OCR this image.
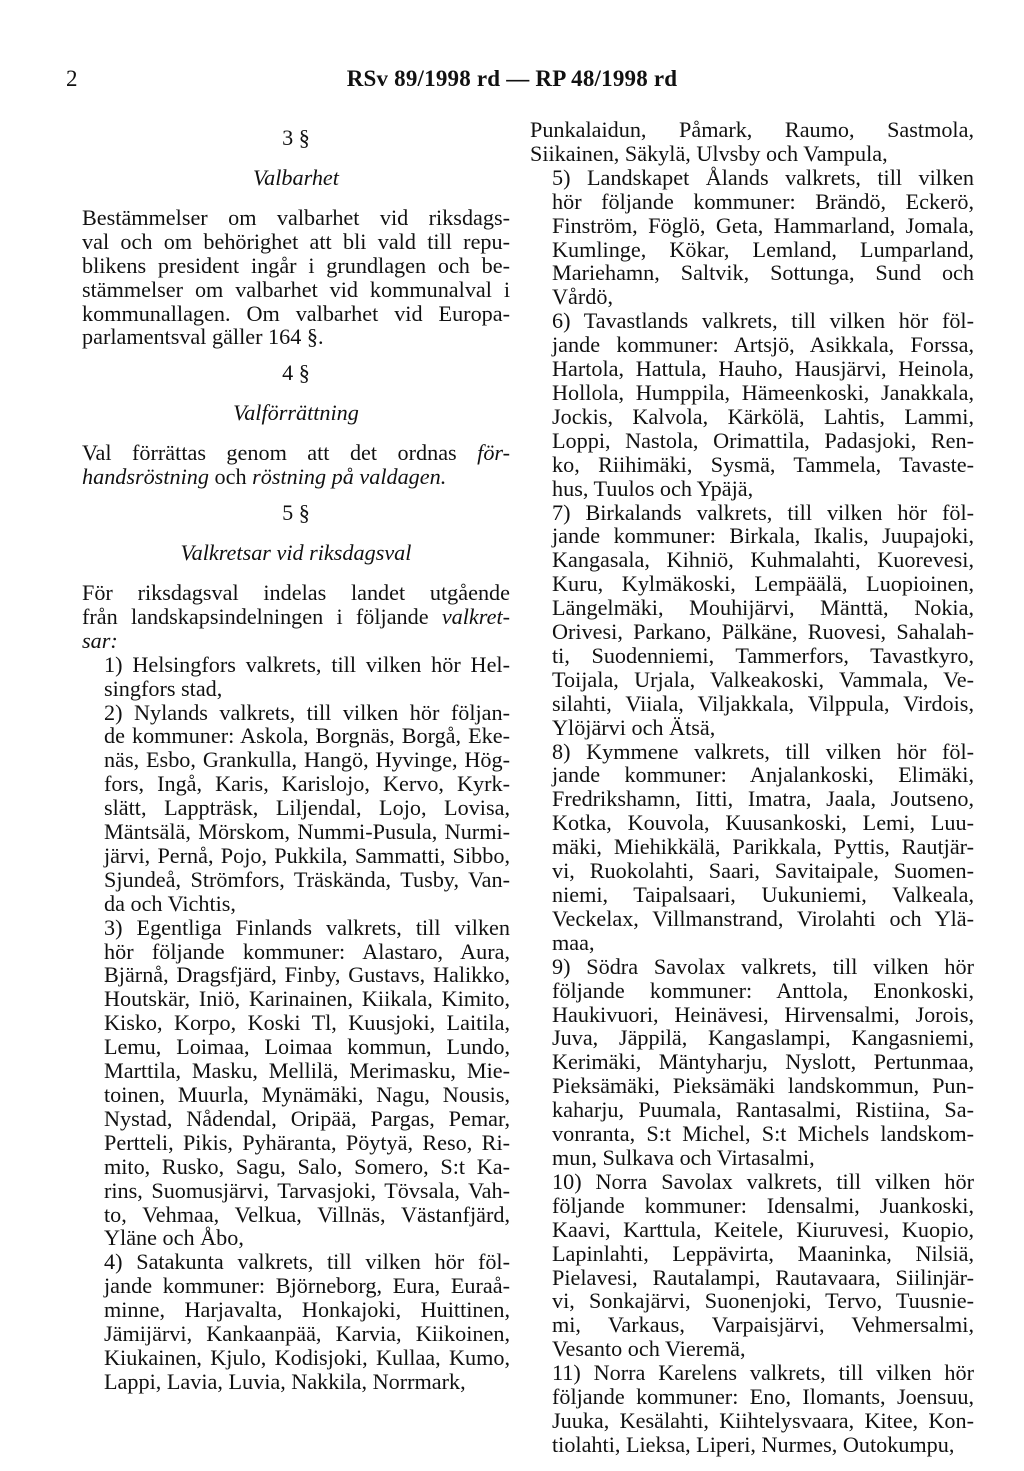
2	RSv 89/1998 rd — RP 48/1998 rd
3 §
Valbarhet
Bestämmelser om valbarhet vid riksdags-
val och om behörighet att bli vald till repu-
blikens president ingår i grundlagen och be-
stämmelser om valbarhet vid kommunalval i
kommunallagen. Om valbarhet vid Europa-
parlamentsval gäller 164 §.
4 §
Valförrättning
Val förrättas genom att det ordnas för-
handsröstning och röstning på valdagen.
5 §
Valkretsar vid riksdagsval
För riksdagsval indelas landet utgående
från landskapsindelningen i följande valkret-
sar:
1) Helsingfors valkrets, till vilken hör Hel-
singfors stad,
2) Nylands valkrets, till vilken hör följan-
de kommuner: Askola, Borgnäs, Borgå, Eke-
näs, Esbo, Grankulla, Hangö, Hyvinge, Hög-
fors, Ingå, Karis, Karislojo, Kervo, Kyrk-
slätt, Lappträsk, Liljendal, Lojo, Lovisa,
Mäntsälä, Mörskom, Nummi-Pusula, Nurmi-
järvi, Pernå, Pojo, Pukkila, Sammatti, Sibbo,
Sjundeå, Strömfors, Träskända, Tusby, Van-
da och Vichtis,
3) Egentliga Finlands valkrets, till vilken
hör följande kommuner: Alastaro, Aura,
Bjärnå, Dragsfjärd, Finby, Gustavs, Halikko,
Houtskär, Iniö, Karinainen, Kiikala, Kimito,
Kisko, Korpo, Koski Tl, Kuusjoki, Laitila,
Lemu, Loimaa, Loimaa kommun, Lundo,
Marttila, Masku, Mellilä, Merimasku, Mie-
toinen, Muurla, Mynämäki, Nagu, Nousis,
Nystad, Nådendal, Oripää, Pargas, Pemar,
Pertteli, Pikis, Pyhäranta, Pöytyä, Reso, Ri-
mito, Rusko, Sagu, Salo, Somero, S:t Ka-
rins, Suomusjärvi, Tarvasjoki, Tövsala, Vah-
to, Vehmaa, Velkua, Villnäs, Västanfjärd,
Yläne och Åbo,
4) Satakunta valkrets, till vilken hör föl-
jande kommuner: Björneborg, Eura, Euraå-
minne, Harjavalta, Honkajoki, Huittinen,
Jämijärvi, Kankaanpää, Karvia, Kiikoinen,
Kiukainen, Kjulo, Kodisjoki, Kullaa, Kumo,
Lappi, Lavia, Luvia, Nakkila, Norrmark,
Punkalaidun, Påmark, Raumo, Sastmola,
Siikainen, Säkylä, Ulvsby och Vampula,
5) Landskapet Ålands valkrets, till vilken
hör följande kommuner: Brändö, Eckerö,
Finström, Föglö, Geta, Hammarland, Jomala,
Kumlinge, Kökar, Lemland, Lumparland,
Mariehamn, Saltvik, Sottunga, Sund och
Vårdö,
6) Tavastlands valkrets, till vilken hör föl-
jande kommuner: Artsjö, Asikkala, Forssa,
Hartola, Hattula, Hauho, Hausjärvi, Heinola,
Hollola, Humppila, Hämeenkoski, Janakkala,
Jockis, Kalvola, Kärkölä, Lahtis, Lammi,
Loppi, Nastola, Orimattila, Padasjoki, Ren-
ko, Riihimäki, Sysmä, Tammela, Tavaste-
hus, Tuulos och Ypäjä,
7) Birkalands valkrets, till vilken hör föl-
jande kommuner: Birkala, Ikalis, Juupajoki,
Kangasala, Kihniö, Kuhmalahti, Kuorevesi,
Kuru, Kylmäkoski, Lempäälä, Luopioinen,
Längelmäki, Mouhijärvi, Mänttä, Nokia,
Orivesi, Parkano, Pälkäne, Ruovesi, Sahalah-
ti, Suodenniemi, Tammerfors, Tavastkyro,
Toijala, Urjala, Valkeakoski, Vammala, Ve-
silahti, Viiala, Viljakkala, Vilppula, Virdois,
Ylöjärvi och Ätsä,
8) Kymmene valkrets, till vilken hör föl-
jande kommuner: Anjalankoski, Elimäki,
Fredrikshamn, Iitti, Imatra, Jaala, Joutseno,
Kotka, Kouvola, Kuusankoski, Lemi, Luu-
mäki, Miehikkälä, Parikkala, Pyttis, Rautjär-
vi, Ruokolahti, Saari, Savitaipale, Suomen-
niemi, Taipalsaari, Uukuniemi, Valkeala,
Veckelax, Villmanstrand, Virolahti och Ylä-
maa,
9) Södra Savolax valkrets, till vilken hör
följande kommuner: Anttola, Enonkoski,
Haukivuori, Heinävesi, Hirvensalmi, Jorois,
Juva, Jäppilä, Kangaslampi, Kangasniemi,
Kerimäki, Mäntyharju, Nyslott, Pertunmaa,
Pieksämäki, Pieksämäki landskommun, Pun-
kaharju, Puumala, Rantasalmi, Ristiina, Sa-
vonranta, S:t Michel, S:t Michels landskom-
mun, Sulkava och Virtasalmi,
10) Norra Savolax valkrets, till vilken hör
följande kommuner: Idensalmi, Juankoski,
Kaavi, Karttula, Keitele, Kiuruvesi, Kuopio,
Lapinlahti, Leppävirta, Maaninka, Nilsiä,
Pielavesi, Rautalampi, Rautavaara, Siilinjär-
vi, Sonkajärvi, Suonenjoki, Tervo, Tuusnie-
mi, Varkaus, Varpaisjärvi, Vehmersalmi,
Vesanto och Vieremä,
11) Norra Karelens valkrets, till vilken hör
följande kommuner: Eno, Ilomants, Joensuu,
Juuka, Kesälahti, Kiihtelysvaara, Kitee, Kon-
tiolahti, Lieksa, Liperi, Nurmes, Outokumpu,
